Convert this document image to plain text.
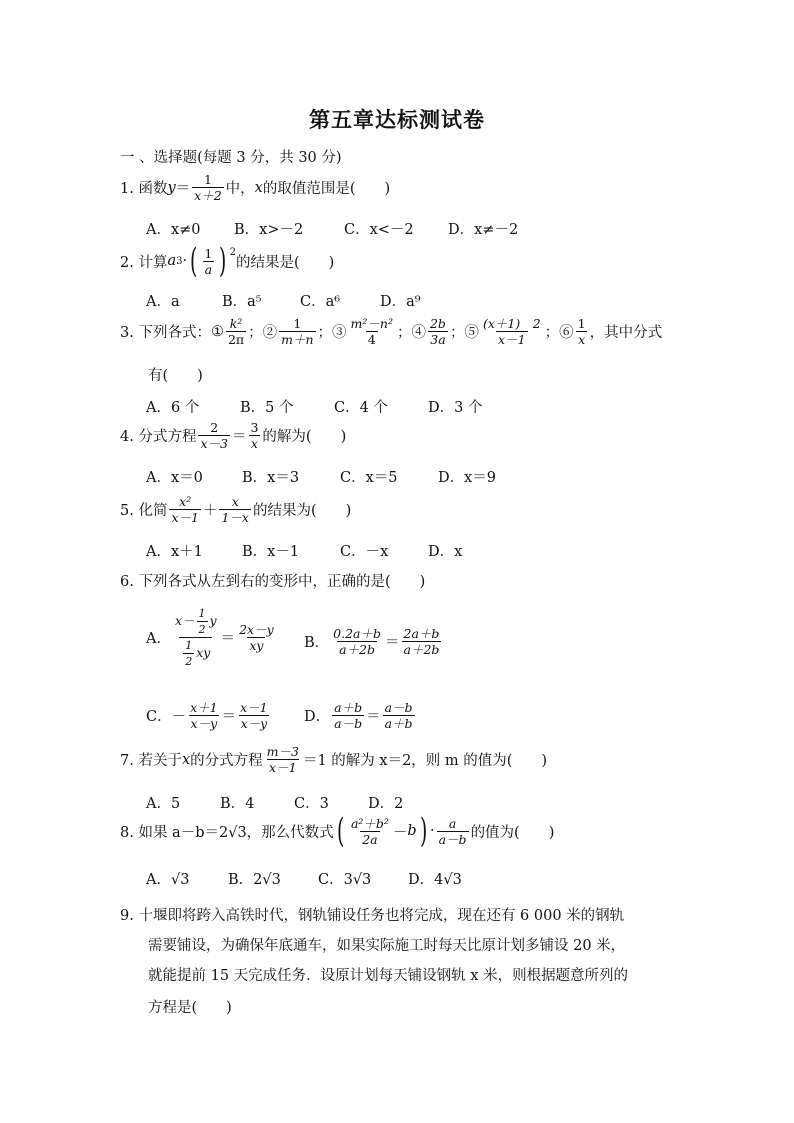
第五章达标测试卷
一 、选择题(每题 3 分，共 30 分)
1. 函数 $y = \frac{1}{x+2}$ 中， x 的取值范围是(　　)
A．x≠0 B．x>－2	C．x<－2 D．x≠－2
2. 计算 a 3 · ( $\frac{1}{a}$ ) 2
的结果是(　　)
A．a	B．a⁵	C．a⁶	D．a⁹
3. 下列各式： ① $\frac{\text{k²}}{2\pi}$ ；② $\frac{1}{m+n}$ ；③ $\frac{\text{m²－n²}}{4}$ ；④ $\frac{2b}{3a}$ ；⑤ $\frac{(x+1) 2}{x-1}$ ；⑥ $\frac{1}{x}$ ，其中分式
有(　　)
A．6 个	B．5 个	C．4 个	D．3 个
4. 分式方程 $\frac{2}{x-3} = \frac{3}{x}$ 的解为(　　)
A．x＝0	B．x＝3	C．x＝5	D．x＝9
5. 化简 $\frac{\text{x²}}{x-1} + \frac{x}{1-x}$ 的结果为(　　)
A．x＋1	B．x－1	C．－x	D．x
6. 下列各式从左到右的变形中，正确的是(　　)
A． $\frac{x- \frac{1}{2} y}{\frac{1}{2} xy} = \frac{2x-y}{xy}$ B． $\frac{0.2a+b}{a+2b} = \frac{2a+b}{a+2b}$
C． － $\frac{x+1}{x-y} = \frac{x-1}{x-y}$ D． $\frac{a+b}{a-b} = \frac{a-b}{a+b}$
7. 若关于 x 的分式方程 $\frac{m-3}{x-1} =1$ 的解为 x＝2，则 m 的值为(　　)
A．5	B．4	C．3	D．2
8. 如果 a－b＝2√3，那么代数式 ( $\frac{\text{a²＋b²}}{2a} - b$ ) · $\frac{a}{a-b}$ 的值为(　　)
A．√3	B．2√3	C．3√3	D．4√3
9. 十堰即将跨入高铁时代，钢轨铺设任务也将完成，现在还有 6 000 米的钢轨
需要铺设，为确保年底通车，如果实际施工时每天比原计划多铺设 20 米，
就能提前 15 天完成任务．设原计划每天铺设钢轨 x 米，则根据题意所列的
方程是(　　)
